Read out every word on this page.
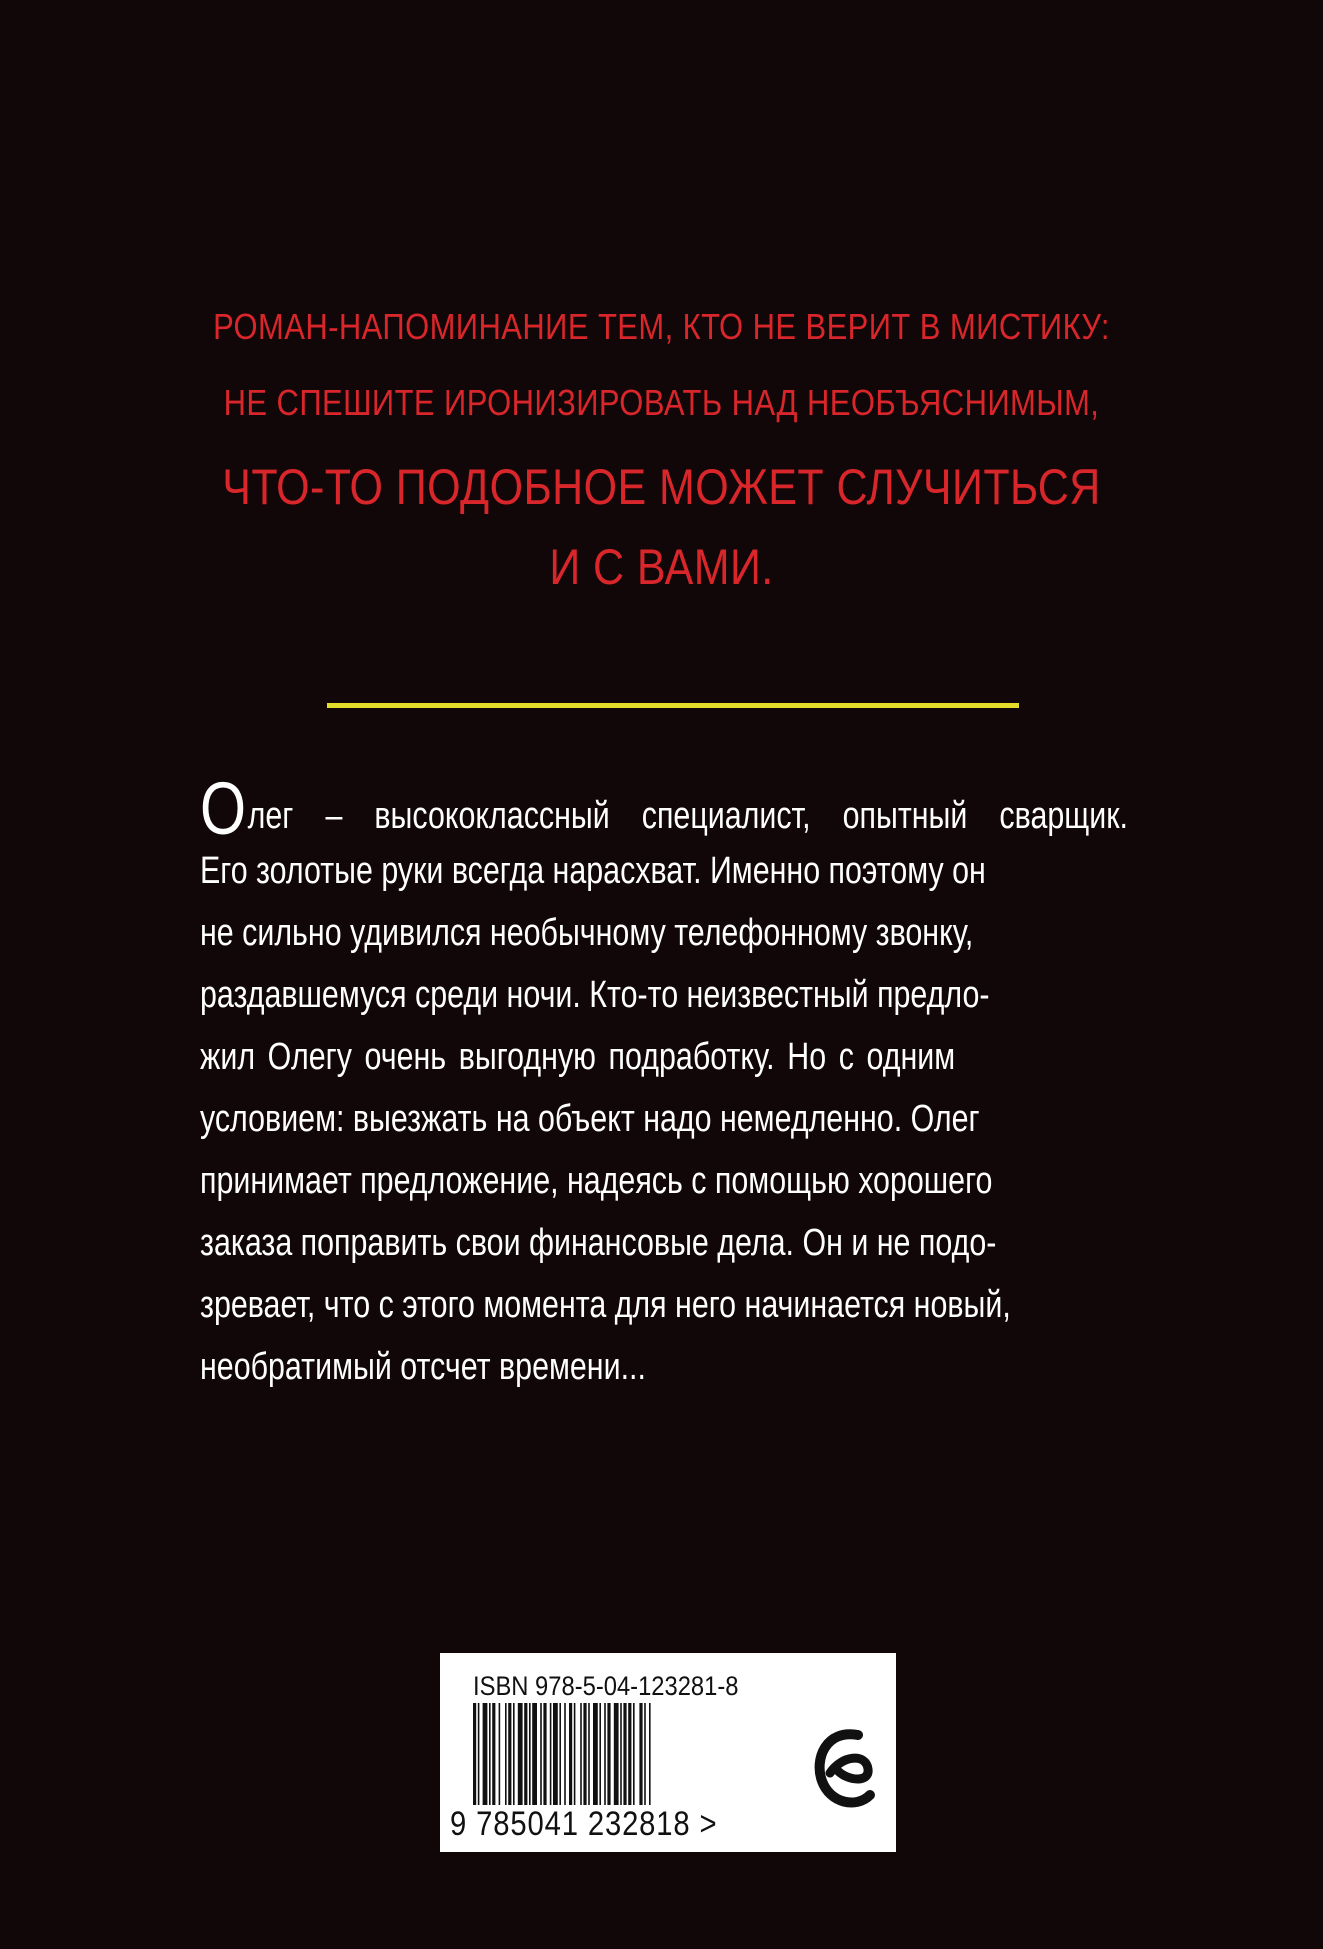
РОМАН-НАПОМИНАНИЕ ТЕМ, КТО НЕ ВЕРИТ В МИСТИКУ:
НЕ СПЕШИТЕ ИРОНИЗИРОВАТЬ НАД НЕОБЪЯСНИМЫМ,
ЧТО-ТО ПОДОБНОЕ МОЖЕТ СЛУЧИТЬСЯ
И С ВАМИ.
Олег – высококлассный специалист, опытный сварщик.
Его золотые руки всегда нарасхват. Именно поэтому он
не сильно удивился необычному телефонному звонку,
раздавшемуся среди ночи. Кто-то неизвестный предло-
жил Олегу очень выгодную подработку. Но с одним
условием: выезжать на объект надо немедленно. Олег
принимает предложение, надеясь с помощью хорошего
заказа поправить свои финансовые дела. Он и не подо-
зревает, что с этого момента для него начинается новый,
необратимый отсчет времени...
ISBN 978-5-04-123281-8
9 785041 232818 >
